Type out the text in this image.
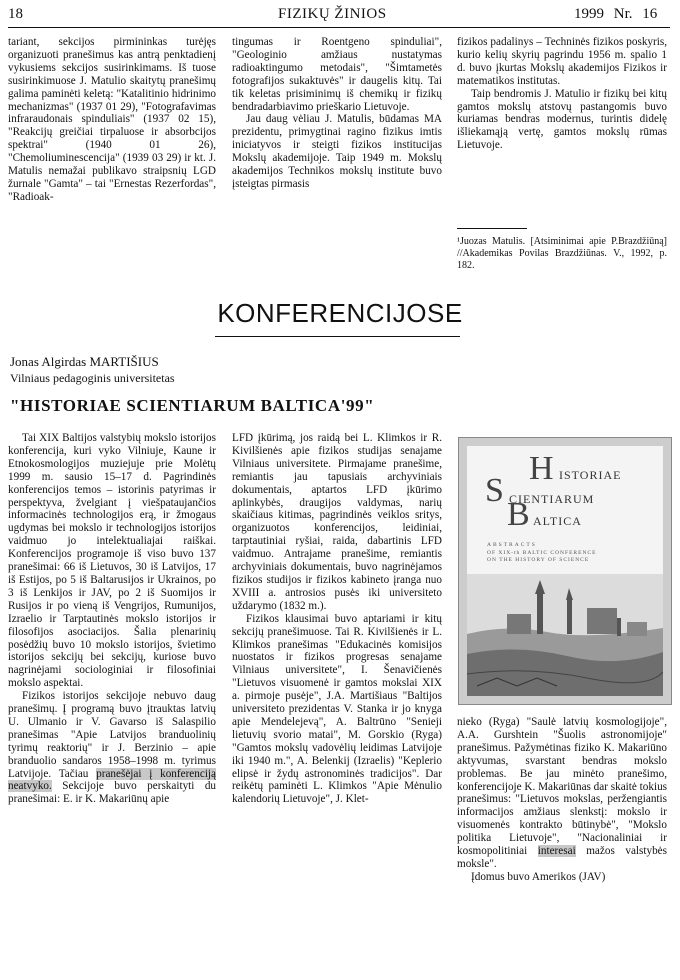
18	FIZIKŲ ŽINIOS	1999 Nr. 16

tariant, sekcijos pirmininkas turėjęs organizuoti pranešimus kas antrą penktadienį vykusiems sekcijos susirinkimams. Iš tuose susirinkimuose J. Matulio skaitytų pranešimų galima paminėti keletą: "Katalitinio hidrinimo mechanizmas" (1937 01 29), "Fotografavimas infraraudonais spinduliais" (1937 02 15), "Reakcijų greičiai tirpaluose ir absorbcijos spektrai" (1940 01 26), "Chemoliuminescencija" (1939 03 29) ir kt. J. Matulis nemažai publikavo straipsnių LGD žurnale "Gamta" – tai "Ernestas Rezerfordas", "Radioak-

tingumas ir Roentgeno spinduliai", "Geologinio amžiaus nustatymas radioaktingumo metodais", "Šimtametės fotografijos sukaktuvės" ir daugelis kitų. Tai tik keletas prisiminimų iš chemikų ir fizikų bendradarbiavimo prieškario Lietuvoje.

Jau daug vėliau J. Matulis, būdamas MA prezidentu, primygtinai ragino fizikus imtis iniciatyvos ir steigti fizikos institucijas Mokslų akademijoje. Taip 1949 m. Mokslų akademijos Technikos mokslų institute buvo įsteigtas pirmasis

fizikos padalinys – Techninės fizikos poskyris, kurio kelių skyrių pagrindu 1956 m. spalio 1 d. buvo įkurtas Mokslų akademijos Fizikos ir matematikos institutas.

Taip bendromis J. Matulio ir fizikų bei kitų gamtos mokslų atstovų pastangomis buvo kuriamas bendras modernus, turintis didelę išliekamąją vertę, gamtos mokslų rūmas Lietuvoje.

¹Juozas Matulis. [Atsiminimai apie P.Brazdžiūną] //Akademikas Povilas Brazdžiūnas. V., 1992, p. 182.
KONFERENCIJOSE
Jonas Algirdas MARTIŠIUS
Vilniaus pedagoginis universitetas
"HISTORIAE SCIENTIARUM BALTICA'99"

Tai XIX Baltijos valstybių mokslo istorijos konferencija, kuri vyko Vilniuje, Kaune ir Etnokosmologijos muziejuje prie Molėtų 1999 m. sausio 15–17 d. Pagrindinės konferencijos temos – istorinis patyrimas ir perspektyva, žvelgiant į viešpataujančios informacinės technologijos erą, ir žmogaus ugdymas bei mokslo ir technologijos istorijos vaidmuo jo intelektualiajai raiškai. Konferencijos programoje iš viso buvo 137 pranešimai: 66 iš Lietuvos, 30 iš Latvijos, 17 iš Estijos, po 5 iš Baltarusijos ir Ukrainos, po 3 iš Lenkijos ir JAV, po 2 iš Suomijos ir Rusijos ir po vieną iš Vengrijos, Rumunijos, Izraelio ir Tarptautinės mokslo istorijos ir filosofijos asociacijos. Šalia plenarinių posėdžių buvo 10 mokslo istorijos, švietimo istorijos sekcijų bei sekcijų, kuriose buvo nagrinėjami sociologiniai ir filosofiniai mokslo aspektai.

Fizikos istorijos sekcijoje nebuvo daug pranešimų. Į programą buvo įtrauktas latvių U. Ulmanio ir V. Gavarso iš Salaspilio pranešimas "Apie Latvijos branduolinių tyrimų reaktorių" ir J. Berzinio – apie branduolio sandaros 1958–1998 m. tyrimus Latvijoje. Tačiau pranešėjai į konferenciją neatvyko. Sekcijoje buvo perskaityti du pranešimai: E. ir K. Makariūnų apie

LFD įkūrimą, jos raidą bei L. Klimkos ir R. Kivilšienės apie fizikos studijas senajame Vilniaus universitete. Pirmajame pranešime, remiantis jau tapusiais archyviniais dokumentais, aptartos LFD įkūrimo aplinkybės, draugijos valdymas, narių skaičiaus kitimas, pagrindinės veiklos sritys, organizuotos konferencijos, leidiniai, tarptautiniai ryšiai, raida, dabartinis LFD vaidmuo. Antrajame pranešime, remiantis archyviniais dokumentais, buvo nagrinėjamos fizikos studijos ir fizikos kabineto įranga nuo XVIII a. antrosios pusės iki universiteto uždarymo (1832 m.).

Fizikos klausimai buvo aptariami ir kitų sekcijų pranešimuose. Tai R. Kivilšienės ir L. Klimkos pranešimas "Edukacinės komisijos nuostatos ir fizikos progresas senajame Vilniaus universitete", I. Šenavičienės "Lietuvos visuomenė ir gamtos mokslai XIX a. pirmoje pusėje", J.A. Martišiaus "Baltijos universiteto prezidentas V. Stanka ir jo knyga apie Mendelejevą", A. Baltrūno "Senieji lietuvių svorio matai", M. Gorskio (Ryga) "Gamtos mokslų vadovėlių leidimas Latvijoje iki 1940 m.", A. Belenkij (Izraelis) "Keplerio elipsė ir žydų astronominės tradicijos". Dar reikėtų paminėti L. Klimkos "Apie Mėnulio kalendorių Lietuvoje", J. Klet-

H ISTORIAE
S CIENTIARUM
B ALTICA
ABSTRACTS
OF XIX-th BALTIC CONFERENCE
ON THE HISTORY OF SCIENCE

nieko (Ryga) "Saulė latvių kosmologijoje", A.A. Gurshtein "Šuolis astronomijoje" pranešimus. Pažymėtinas fiziko K. Makariūno aktyvumas, svarstant bendras mokslo problemas. Be jau minėto pranešimo, konferencijoje K. Makariūnas dar skaitė tokius pranešimus: "Lietuvos mokslas, peržengiantis informacijos amžiaus slenkstį: mokslo ir visuomenės kontrakto būtinybė", "Mokslo politika Lietuvoje", "Nacionaliniai ir kosmopolitiniai interesai mažos valstybės moksle".

Įdomus buvo Amerikos (JAV)
